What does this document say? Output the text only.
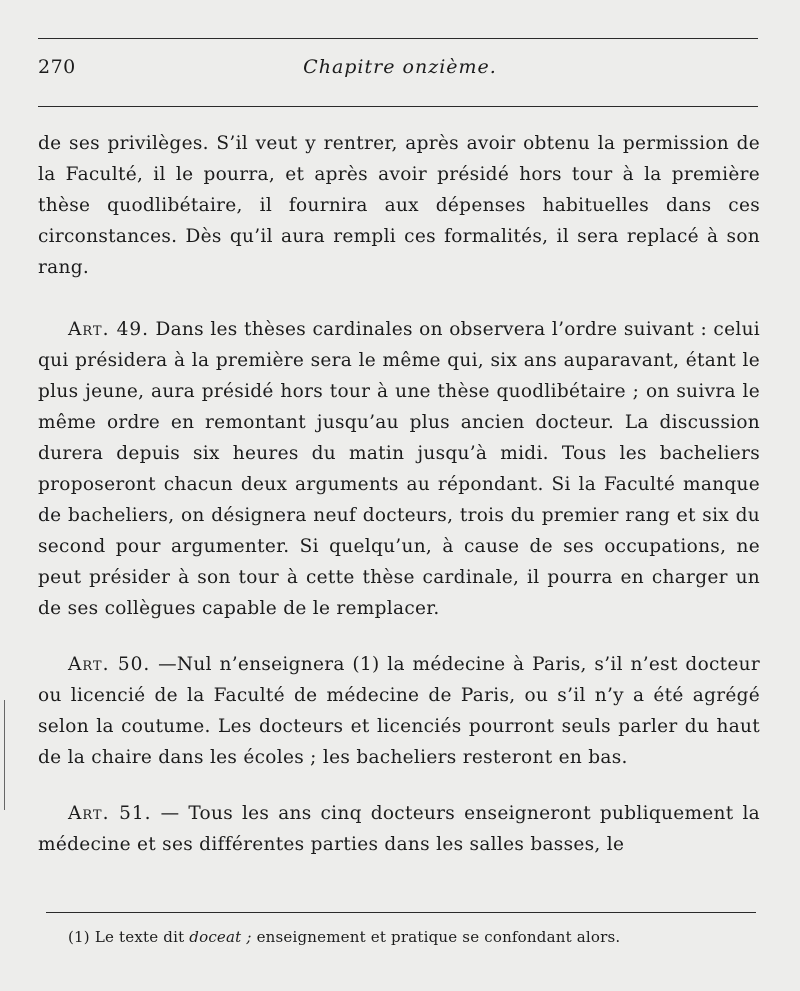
270	Chapitre onzième.

de ses privilèges. S’il veut y rentrer, après avoir obtenu la permission de la Faculté, il le pourra, et après avoir présidé hors tour à la première thèse quodlibétaire, il fournira aux dépenses habituelles dans ces circonstances. Dès qu’il aura rempli ces formalités, il sera replacé à son rang.

Art. 49. Dans les thèses cardinales on observera l’ordre suivant : celui qui présidera à la première sera le même qui, six ans auparavant, étant le plus jeune, aura présidé hors tour à une thèse quodlibétaire ; on suivra le même ordre en remontant jusqu’au plus ancien docteur. La discussion durera depuis six heures du matin jusqu’à midi. Tous les bacheliers proposeront chacun deux arguments au répondant. Si la Faculté manque de bacheliers, on désignera neuf docteurs, trois du premier rang et six du second pour argumenter. Si quelqu’un, à cause de ses occupations, ne peut présider à son tour à cette thèse cardinale, il pourra en charger un de ses collègues capable de le remplacer.

Art. 50. —Nul n’enseignera (1) la médecine à Paris, s’il n’est docteur ou licencié de la Faculté de médecine de Paris, ou s’il n’y a été agrégé selon la coutume. Les docteurs et licenciés pourront seuls parler du haut de la chaire dans les écoles ; les bacheliers resteront en bas.

Art. 51. — Tous les ans cinq docteurs enseigneront publiquement la médecine et ses différentes parties dans les salles basses, le

(1) Le texte dit doceat ; enseignement et pratique se confondant alors.
